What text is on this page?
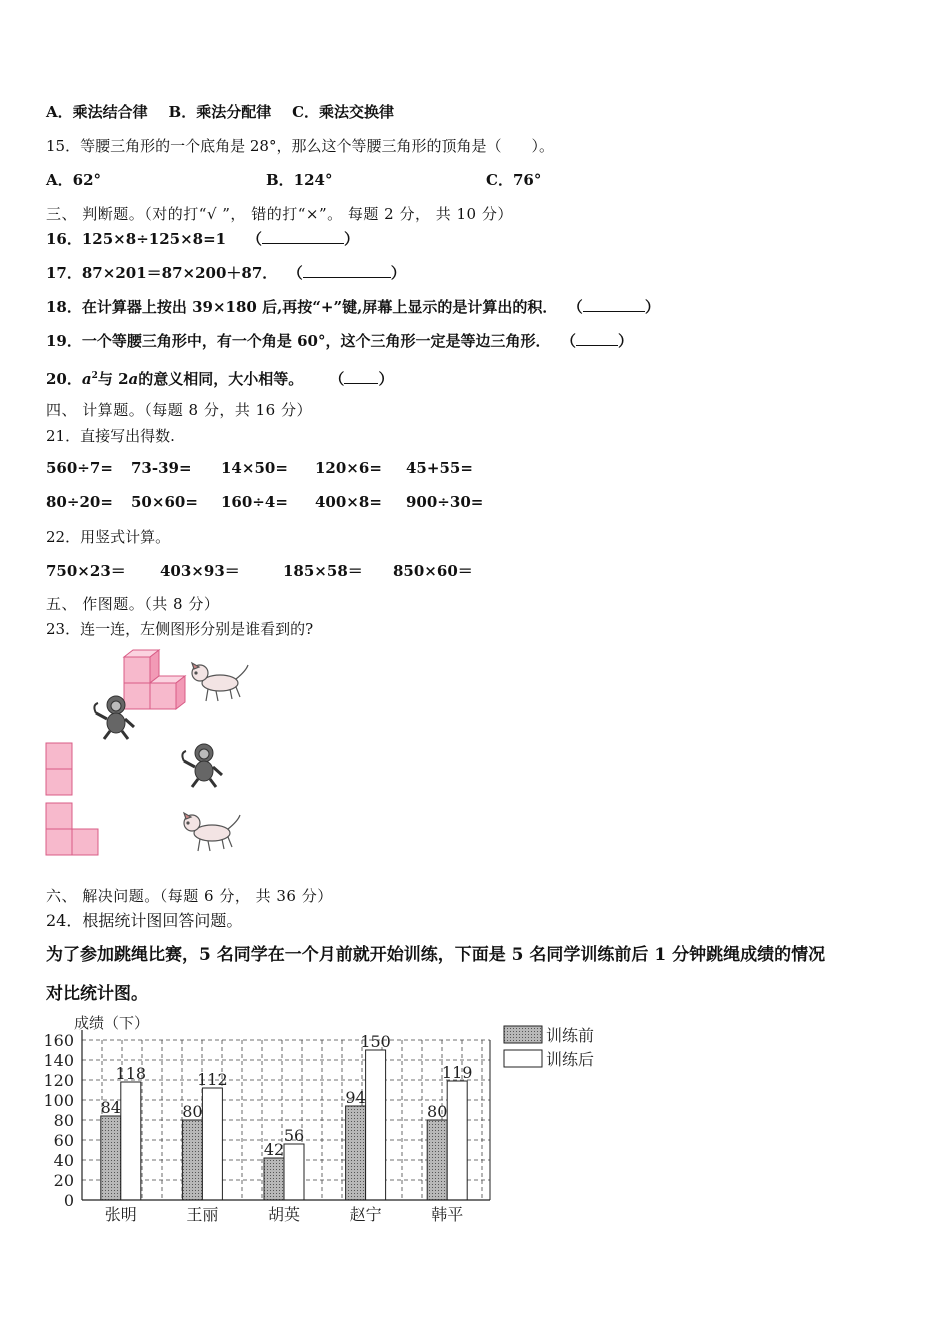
A．乘法结合律 B．乘法分配律 C．乘法交换律
15．等腰三角形的一个底角是 28°，那么这个等腰三角形的顶角是（　　）。
A．62°	B．124°	C．76°
三、 判断题。（对的打“√ ”， 错的打“×”。 每题 2 分， 共 10 分）
16．125×8÷125×8=1 （	）
17．87×201＝87×200＋87． （	）
18．在计算器上按出 39×180 后,再按“+”键,屏幕上显示的是计算出的积． （	）
19．一个等腰三角形中，有一个角是 60°，这个三角形一定是等边三角形． （	）
20．$a^2$与 2a的意义相同，大小相等。 （ ）
四、 计算题。（每题 8 分，共 16 分）
21．直接写出得数.
560÷7= 73-39= 14×50= 120×6= 45+55=
80÷20= 50×60= 160÷4= 400×8= 900÷30=
22．用竖式计算。
750×23＝ 403×93＝	185×58＝ 850×60＝
五、 作图题。（共 8 分）
23．连一连，左侧图形分别是谁看到的?
六、 解决问题。（每题 6 分， 共 36 分）
24．根据统计图回答问题。
为了参加跳绳比赛，5 名同学在一个月前就开始训练，下面是 5 名同学训练前后 1 分钟跳绳成绩的情况
对比统计图。
成绩（下）
84
118
80
112
42
56
94
150
80
119
0
20
40
60
80
100
120
140
160
张明	王丽	胡英	赵宁	韩平
训练前
训练后
